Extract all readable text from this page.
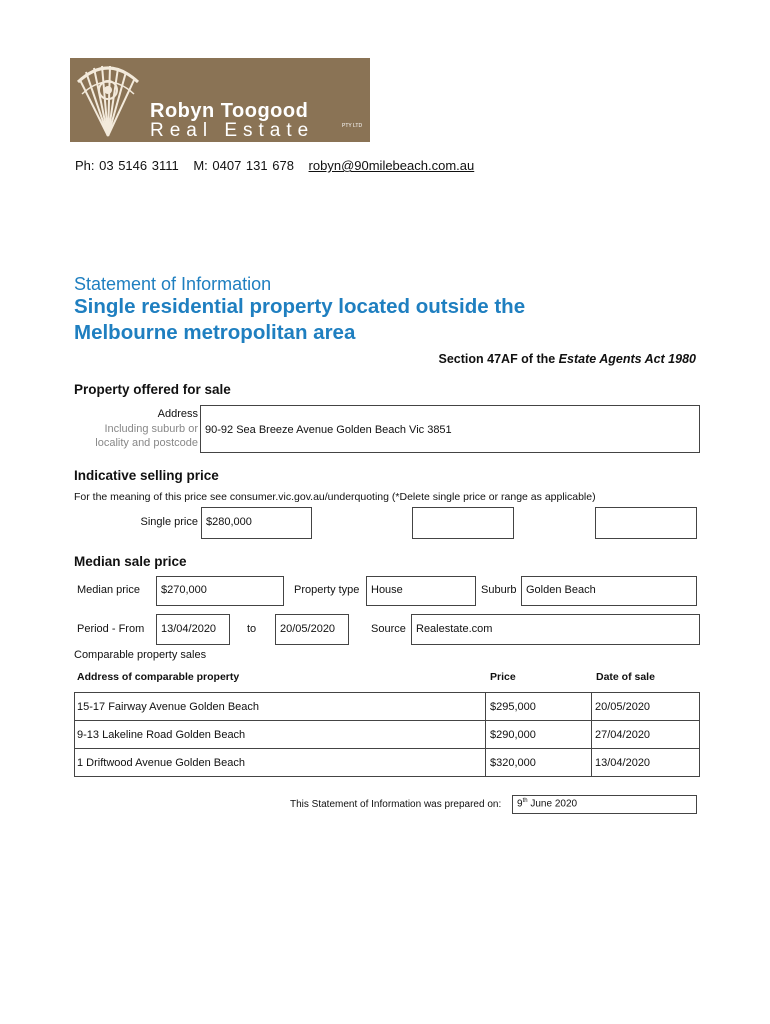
Robyn Toogood
Real Estate	PTY LTD
Ph: 03 5146 3111 M: 0407 131 678 robyn@90milebeach.com.au
Statement of Information
Single residential property located outside the Melbourne metropolitan area
Section 47AF of the Estate Agents Act 1980
Property offered for sale
Address
Including suburb or
locality and postcode
90-92 Sea Breeze Avenue Golden Beach Vic 3851
Indicative selling price
For the meaning of this price see consumer.vic.gov.au/underquoting (*Delete single price or range as applicable)
Single price $280,000
Median sale price
Median price	$270,000	Property type	House	Suburb Golden Beach
Period - From	13/04/2020	to	20/05/2020	Source Realestate.com
Comparable property sales
Address of comparable property	Price	Date of sale
15-17 Fairway Avenue Golden Beach	$295,000	20/05/2020
9-13 Lakeline Road Golden Beach	$290,000	27/04/2020
1 Driftwood Avenue Golden Beach	$320,000	13/04/2020
This Statement of Information was prepared on:	9th June 2020
